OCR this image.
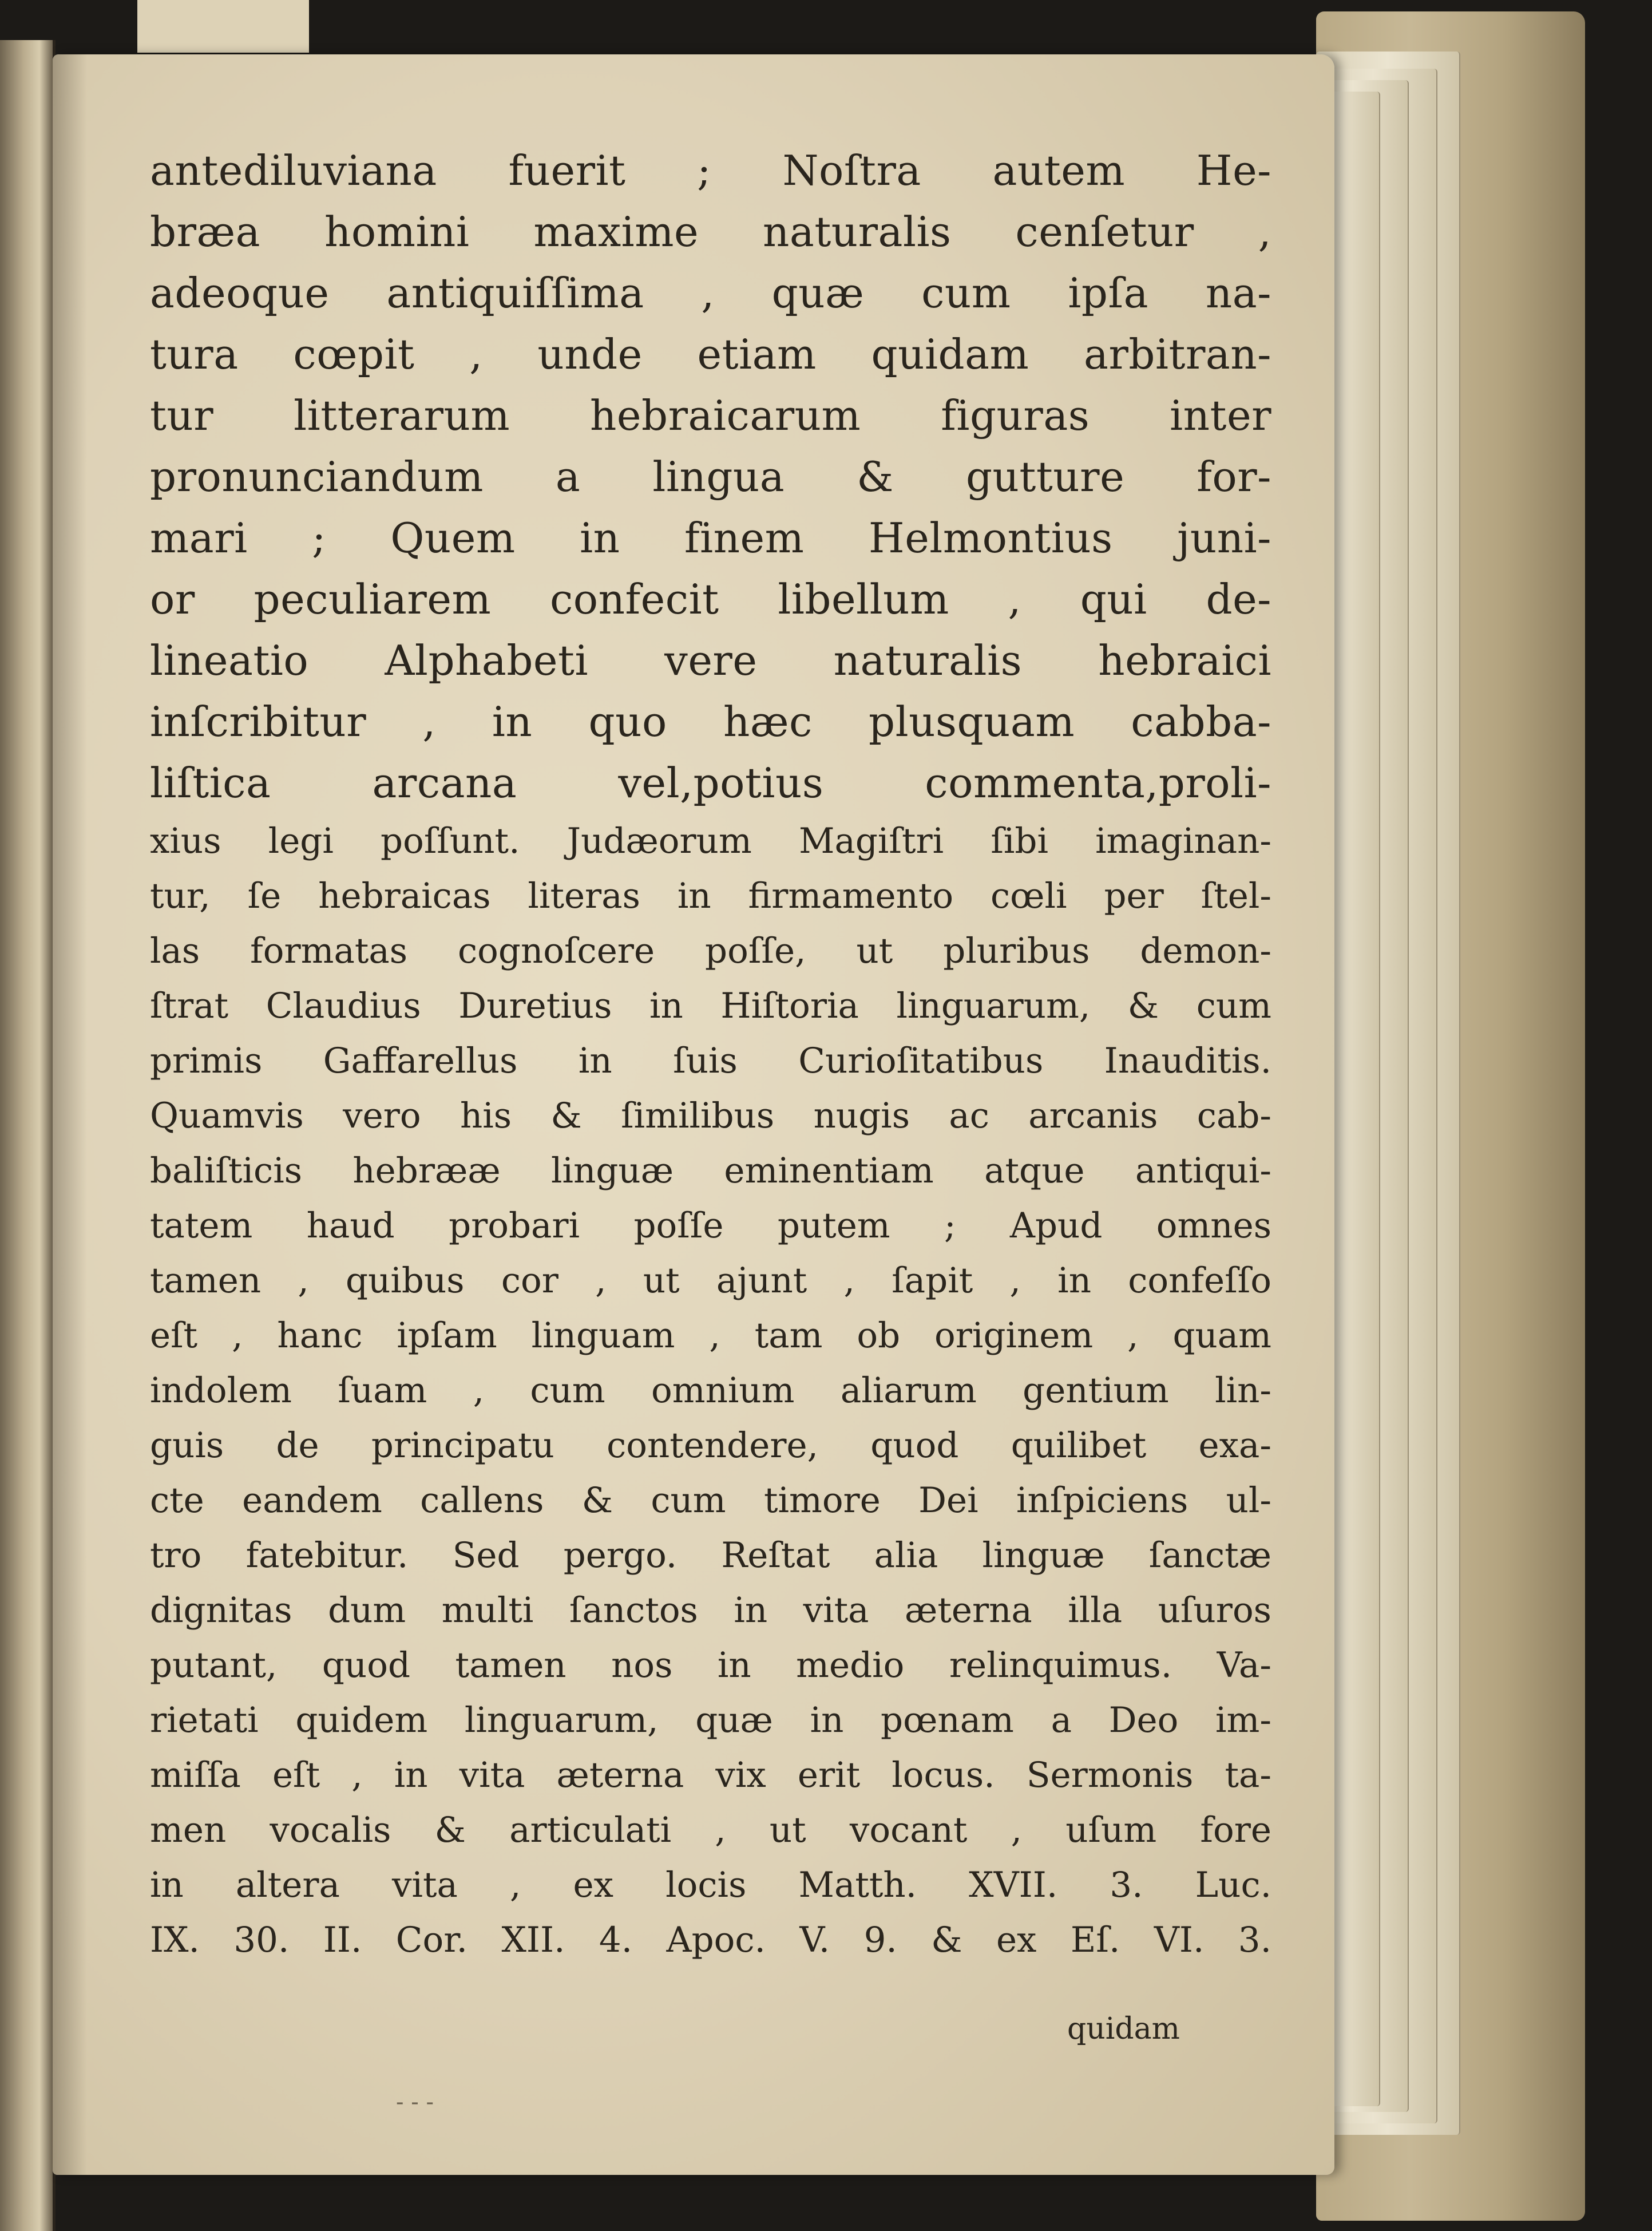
antediluviana fuerit ; Noſtra autem He-
bræa homini maxime naturalis cenſetur ,
adeoque antiquiſſima , quæ cum ipſa na-
tura cœpit , unde etiam quidam arbitran-
tur litterarum hebraicarum figuras inter
pronunciandum a lingua & gutture for-
mari ; Quem in finem Helmontius juni-
or peculiarem confecit libellum , qui de-
lineatio Alphabeti vere naturalis hebraici
inſcribitur , in quo hæc plusquam cabba-
liſtica arcana vel,potius commenta,proli-
xius legi poſſunt. Judæorum Magiſtri ſibi imaginan-
tur, ſe hebraicas literas in firmamento cœli per ſtel-
las formatas cognoſcere poſſe, ut pluribus demon-
ſtrat Claudius Duretius in Hiſtoria linguarum, & cum
primis Gaffarellus in ſuis Curioſitatibus Inauditis.
Quamvis vero his & ſimilibus nugis ac arcanis cab-
baliſticis hebrææ linguæ eminentiam atque antiqui-
tatem haud probari poſſe putem ; Apud omnes
tamen , quibus cor , ut ajunt , ſapit , in confeſſo
eſt , hanc ipſam linguam , tam ob originem , quam
indolem ſuam , cum omnium aliarum gentium lin-
guis de principatu contendere, quod quilibet exa-
cte eandem callens & cum timore Dei inſpiciens ul-
tro fatebitur. Sed pergo. Reſtat alia linguæ ſanctæ
dignitas dum multi ſanctos in vita æterna illa uſuros
putant, quod tamen nos in medio relinquimus. Va-
rietati quidem linguarum, quæ in pœnam a Deo im-
miſſa eſt , in vita æterna vix erit locus. Sermonis ta-
men vocalis & articulati , ut vocant , uſum fore
in altera vita , ex locis Matth. XVII. 3. Luc.
IX. 30. II. Cor. XII. 4. Apoc. V. 9. & ex Eſ. VI. 3.
quidam
- - -
